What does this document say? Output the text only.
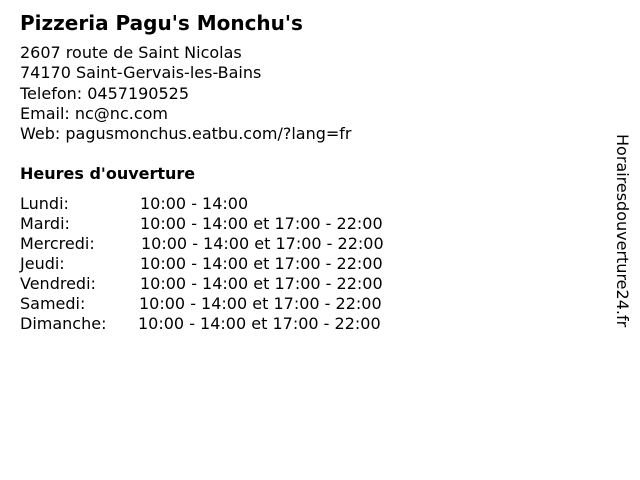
Pizzeria Pagu's Monchu's
2607 route de Saint Nicolas
74170 Saint-Gervais-les-Bains
Telefon: 0457190525
Email: nc@nc.com
Web: pagusmonchus.eatbu.com/?lang=fr
Heures d'ouverture
Lundi:	10:00 - 14:00
Mardi:	10:00 - 14:00 et 17:00 - 22:00
Mercredi:	10:00 - 14:00 et 17:00 - 22:00
Jeudi:	10:00 - 14:00 et 17:00 - 22:00
Vendredi:	10:00 - 14:00 et 17:00 - 22:00
Samedi:	10:00 - 14:00 et 17:00 - 22:00
Dimanche: 10:00 - 14:00 et 17:00 - 22:00	Horairesdouverture24.fr
